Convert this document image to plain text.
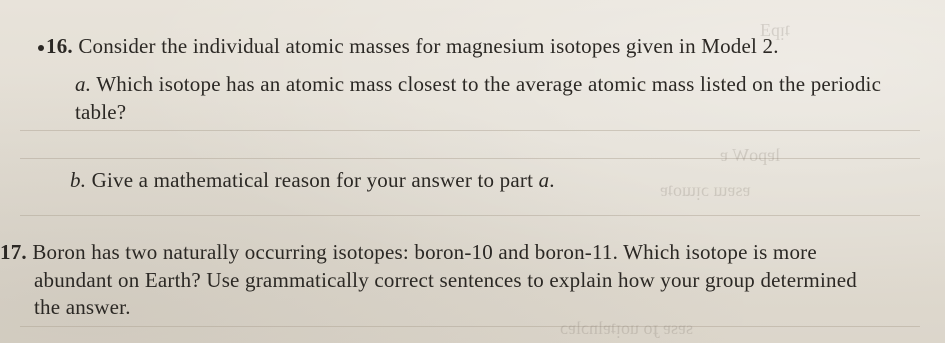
ʇᴉpƎ
lɐpoW ɐ
ɐsɐɯ ɔᴉɯoʇɐ
sɐsɐ ɟo uoᴉʇɐlnɔlɐɔ
16. Consider the individual atomic masses for magnesium isotopes given in Model 2.
a. Which isotope has an atomic mass closest to the average atomic mass listed on the periodic
table?
b. Give a mathematical reason for your answer to part a.
17. Boron has two naturally occurring isotopes: boron-10 and boron-11. Which isotope is more
abundant on Earth? Use grammatically correct sentences to explain how your group determined
the answer.
